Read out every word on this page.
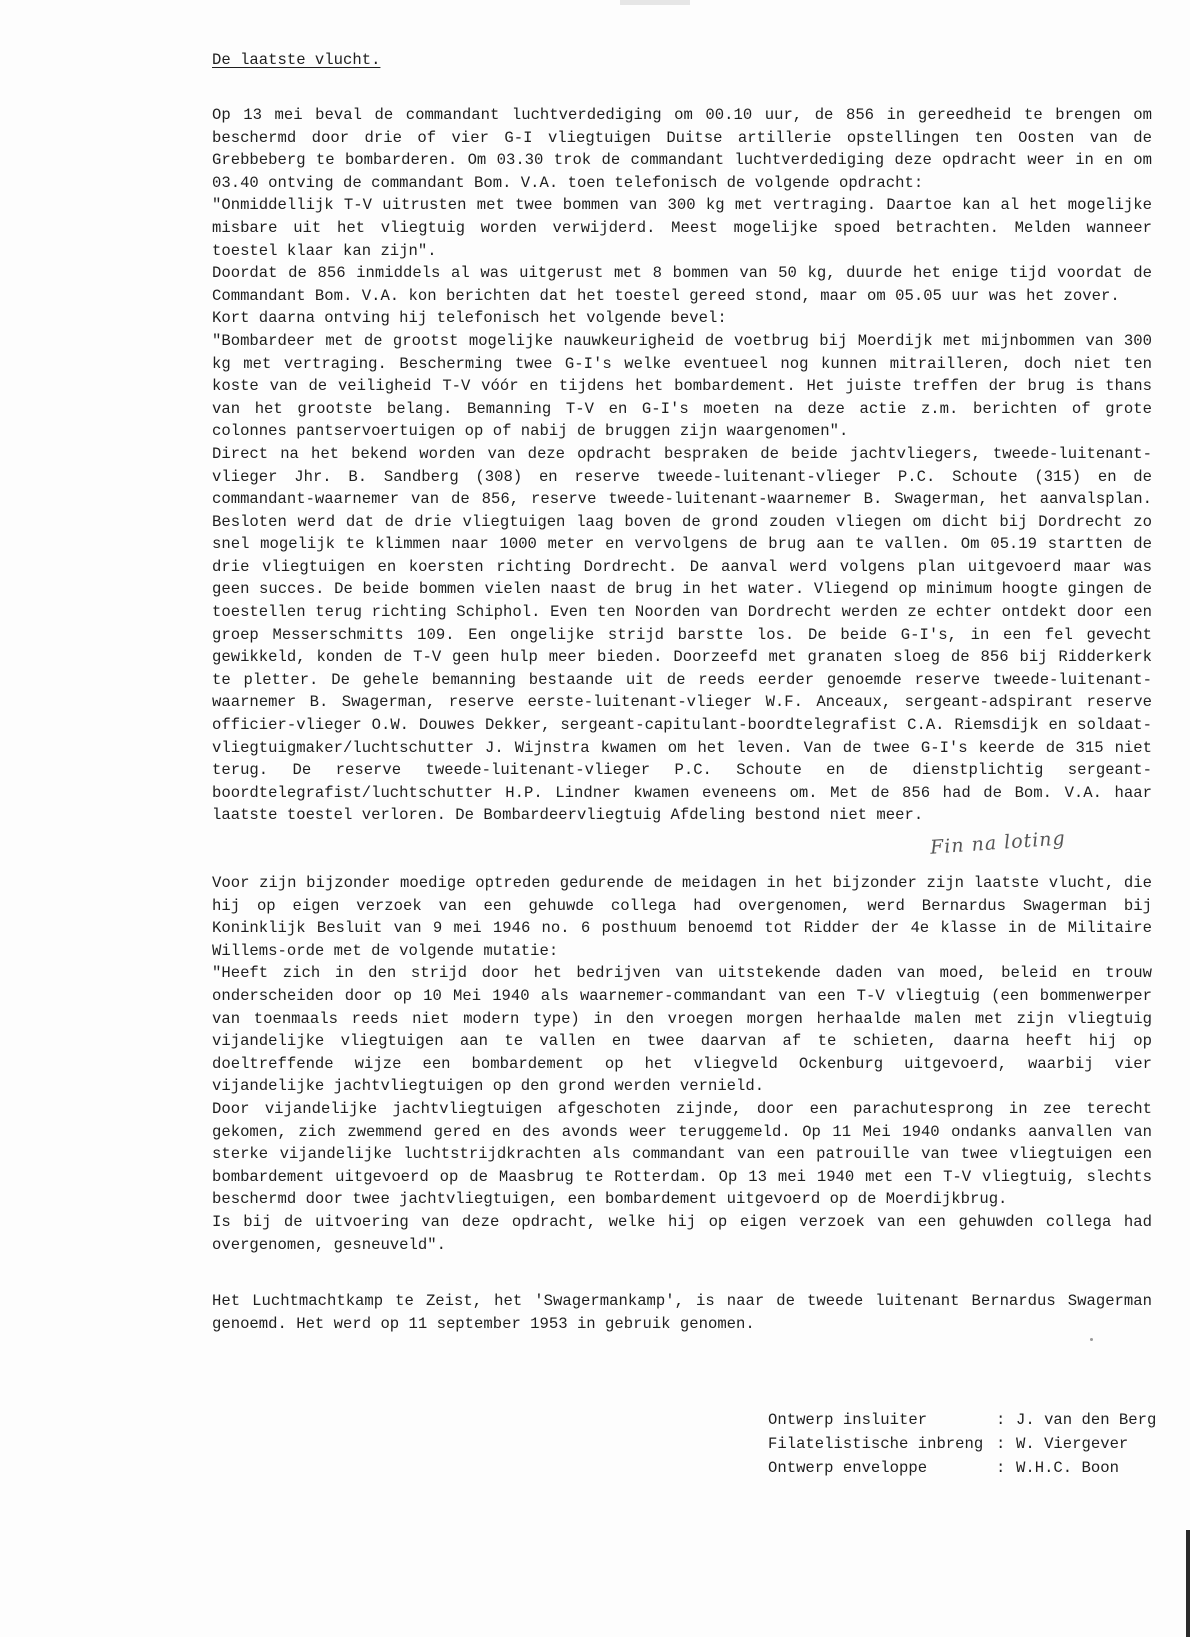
De laatste vlucht.

Op 13 mei beval de commandant luchtverdediging om 00.10 uur, de 856 in gereedheid te brengen om beschermd door drie of vier G-I vliegtuigen Duitse artillerie opstellingen ten Oosten van de Grebbeberg te bombarderen. Om 03.30 trok de commandant luchtverdediging deze opdracht weer in en om 03.40 ontving de commandant Bom. V.A. toen telefonisch de volgende opdracht:

"Onmiddellijk T-V uitrusten met twee bommen van 300 kg met vertraging. Daartoe kan al het mogelijke misbare uit het vliegtuig worden verwijderd. Meest mogelijke spoed betrachten. Melden wanneer toestel klaar kan zijn".

Doordat de 856 inmiddels al was uitgerust met 8 bommen van 50 kg, duurde het enige tijd voordat de Commandant Bom. V.A. kon berichten dat het toestel gereed stond, maar om 05.05 uur was het zover.

Kort daarna ontving hij telefonisch het volgende bevel:

"Bombardeer met de grootst mogelijke nauwkeurigheid de voetbrug bij Moerdijk met mijnbommen van 300 kg met vertraging. Bescherming twee G-I's welke eventueel nog kunnen mitrailleren, doch niet ten koste van de veiligheid T-V vóór en tijdens het bombardement. Het juiste treffen der brug is thans van het grootste belang. Bemanning T-V en G-I's moeten na deze actie z.m. berichten of grote colonnes pantservoertuigen op of nabij de bruggen zijn waargenomen".

Direct na het bekend worden van deze opdracht bespraken de beide jachtvliegers, tweede-luitenant-vlieger Jhr. B. Sandberg (308) en reserve tweede-luitenant-vlieger P.C. Schoute (315) en de commandant-waarnemer van de 856, reserve tweede-luitenant-waarnemer B. Swagerman, het aanvalsplan. Besloten werd dat de drie vliegtuigen laag boven de grond zouden vliegen om dicht bij Dordrecht zo snel mogelijk te klimmen naar 1000 meter en vervolgens de brug aan te vallen. Om 05.19 startten de drie vliegtuigen en koersten richting Dordrecht. De aanval werd volgens plan uitgevoerd maar was geen succes. De beide bommen vielen naast de brug in het water. Vliegend op minimum hoogte gingen de toestellen terug richting Schiphol. Even ten Noorden van Dordrecht werden ze echter ontdekt door een groep Messerschmitts 109. Een ongelijke strijd barstte los. De beide G-I's, in een fel gevecht gewikkeld, konden de T-V geen hulp meer bieden. Doorzeefd met granaten sloeg de 856 bij Ridderkerk te pletter. De gehele bemanning bestaande uit de reeds eerder genoemde reserve tweede-luitenant-waarnemer B. Swagerman, reserve eerste-luitenant-vlieger W.F. Anceaux, sergeant-adspirant reserve officier-vlieger O.W. Douwes Dekker, sergeant-capitulant-boordtelegrafist C.A. Riemsdijk en soldaat-vliegtuigmaker/luchtschutter J. Wijnstra kwamen om het leven. Van de twee G-I's keerde de 315 niet terug. De reserve tweede-luitenant-vlieger P.C. Schoute en de dienstplichtig sergeant-boordtelegrafist/luchtschutter H.P. Lindner kwamen eveneens om. Met de 856 had de Bom. V.A. haar laatste toestel verloren. De Bombardeervliegtuig Afdeling bestond niet meer.

Voor zijn bijzonder moedige optreden gedurende de meidagen in het bijzonder zijn laatste vlucht, die hij op eigen verzoek van een gehuwde collega had overgenomen, werd Bernardus Swagerman bij Koninklijk Besluit van 9 mei 1946 no. 6 posthuum benoemd tot Ridder der 4e klasse in de Militaire Willems-orde met de volgende mutatie:

"Heeft zich in den strijd door het bedrijven van uitstekende daden van moed, beleid en trouw onderscheiden door op 10 Mei 1940 als waarnemer-commandant van een T-V vliegtuig (een bommenwerper van toenmaals reeds niet modern type) in den vroegen morgen herhaalde malen met zijn vliegtuig vijandelijke vliegtuigen aan te vallen en twee daarvan af te schieten, daarna heeft hij op doeltreffende wijze een bombardement op het vliegveld Ockenburg uitgevoerd, waarbij vier vijandelijke jachtvliegtuigen op den grond werden vernield.

Door vijandelijke jachtvliegtuigen afgeschoten zijnde, door een parachutesprong in zee terecht gekomen, zich zwemmend gered en des avonds weer teruggemeld. Op 11 Mei 1940 ondanks aanvallen van sterke vijandelijke luchtstrijdkrachten als commandant van een patrouille van twee vliegtuigen een bombardement uitgevoerd op de Maasbrug te Rotterdam. Op 13 mei 1940 met een T-V vliegtuig, slechts beschermd door twee jachtvliegtuigen, een bombardement uitgevoerd op de Moerdijkbrug.

Is bij de uitvoering van deze opdracht, welke hij op eigen verzoek van een gehuwden collega had overgenomen, gesneuveld".

Het Luchtmachtkamp te Zeist, het 'Swagermankamp', is naar de tweede luitenant Bernardus Swagerman genoemd. Het werd op 11 september 1953 in gebruik genomen.

Fin na loting
Ontwerp insluiter	: J. van den Berg
Filatelistische inbreng : W. Viergever
Ontwerp enveloppe	: W.H.C. Boon
